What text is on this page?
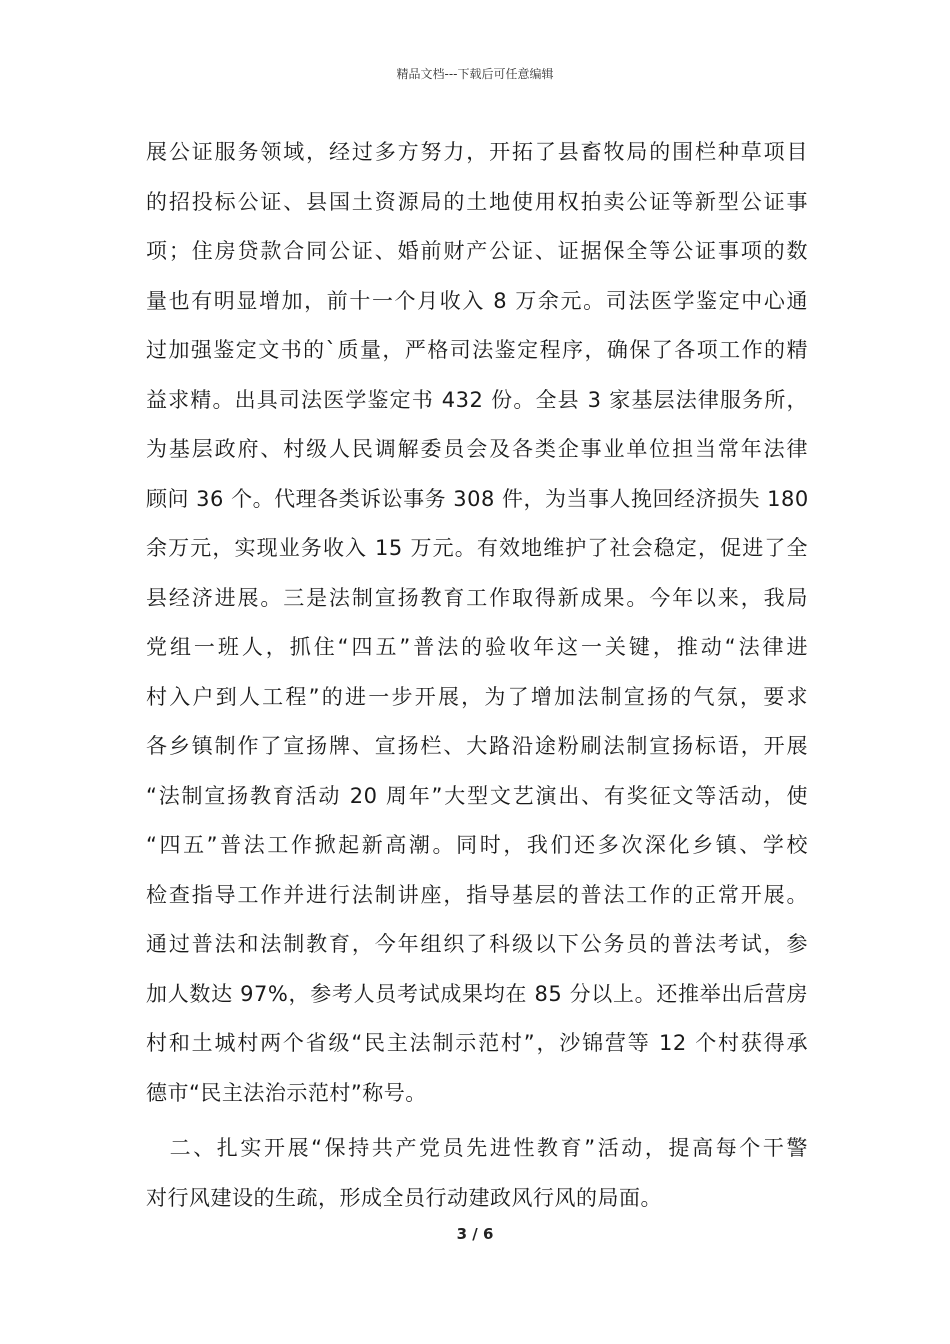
精品文档---下载后可任意编辑
展公证服务领域，经过多方努力，开拓了县畜牧局的围栏种草项目
的招投标公证、县国土资源局的土地使用权拍卖公证等新型公证事
项；住房贷款合同公证、婚前财产公证、证据保全等公证事项的数
量也有明显增加，前十一个月收入 8 万余元。司法医学鉴定中心通
过加强鉴定文书的`质量，严格司法鉴定程序，确保了各项工作的精
益求精。出具司法医学鉴定书 432 份。全县 3 家基层法律服务所，
为基层政府、村级人民调解委员会及各类企事业单位担当常年法律
顾问 36 个。代理各类诉讼事务 308 件，为当事人挽回经济损失 180
余万元，实现业务收入 15 万元。有效地维护了社会稳定，促进了全
县经济进展。三是法制宣扬教育工作取得新成果。今年以来，我局
党组一班人，抓住“四五”普法的验收年这一关键，推动“法律进
村入户到人工程”的进一步开展，为了增加法制宣扬的气氛，要求
各乡镇制作了宣扬牌、宣扬栏、大路沿途粉刷法制宣扬标语，开展
“法制宣扬教育活动 20 周年”大型文艺演出、有奖征文等活动，使
“四五”普法工作掀起新高潮。同时，我们还多次深化乡镇、学校
检查指导工作并进行法制讲座，指导基层的普法工作的正常开展。
通过普法和法制教育，今年组织了科级以下公务员的普法考试，参
加人数达 97%，参考人员考试成果均在 85 分以上。还推举出后营房
村和土城村两个省级“民主法制示范村”，沙锦营等 12 个村获得承
德市“民主法治示范村”称号。
　二、扎实开展“保持共产党员先进性教育”活动，提高每个干警
对行风建设的生疏，形成全员行动建政风行风的局面。
3 / 6
